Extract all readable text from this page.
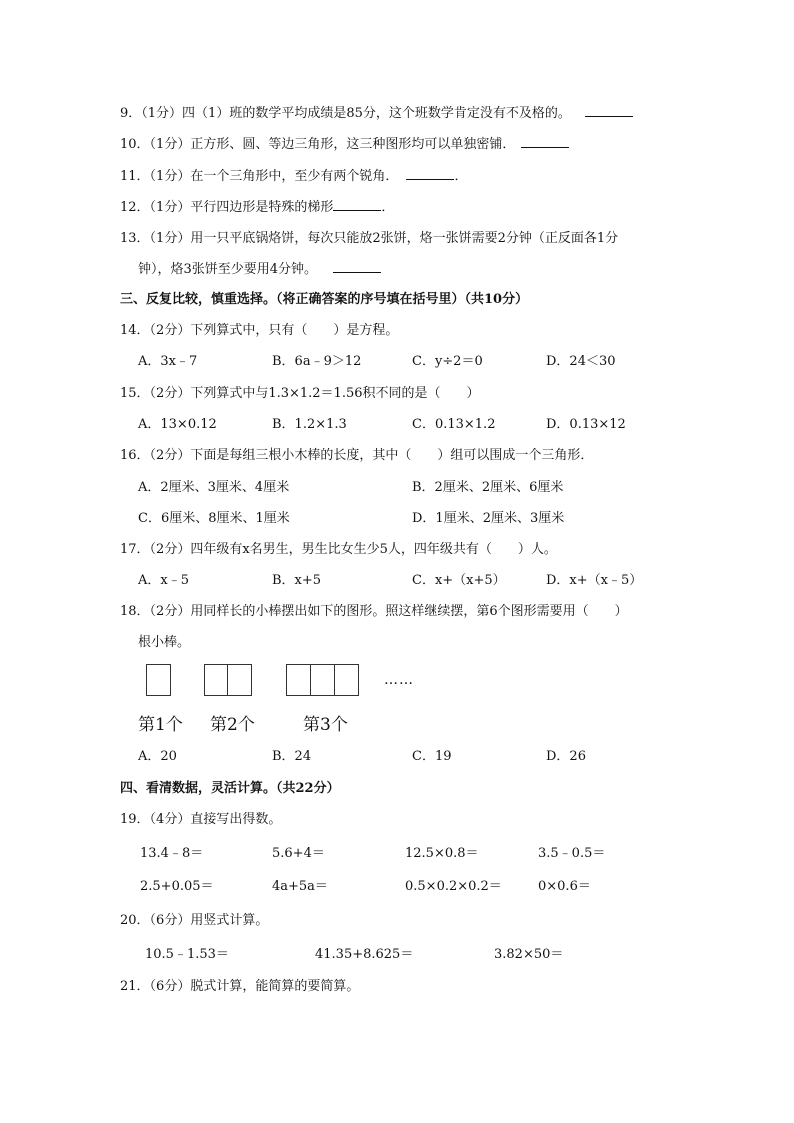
9．（1分）四（1）班的数学平均成绩是85分，这个班数学肯定没有不及格的。
10．（1分）正方形、圆、等边三角形，这三种图形均可以单独密铺．
11．（1分）在一个三角形中，至少有两个锐角．	．
12．（1分）平行四边形是特殊的梯形	．
13．（1分）用一只平底锅烙饼，每次只能放2张饼，烙一张饼需要2分钟（正反面各1分
钟），烙3张饼至少要用4分钟。
三、反复比较，慎重选择。（将正确答案的序号填在括号里）（共10分）
14．（2分）下列算式中，只有（　　）是方程。
A．3x﹣7	B．6a﹣9＞12	C．y÷2＝0	D．24＜30
15．（2分）下列算式中与1.3×1.2＝1.56积不同的是（　　）
A．13×0.12	B．1.2×1.3	C．0.13×1.2	D．0.13×12
16．（2分）下面是每组三根小木棒的长度，其中（　　）组可以围成一个三角形．
A．2厘米、3厘米、4厘米	B．2厘米、2厘米、6厘米
C．6厘米、8厘米、1厘米	D．1厘米、2厘米、3厘米
17．（2分）四年级有x名男生，男生比女生少5人，四年级共有（　　）人。
A．x﹣5	B．x+5	C．x+（x+5）	D．x+（x﹣5）
18．（2分）用同样长的小棒摆出如下的图形。照这样继续摆，第6个图形需要用（　　）
根小棒。
……
第1个 第2个	第3个
A．20	B．24	C．19	D．26
四、看清数据，灵活计算。（共22分）
19．（4分）直接写出得数。
13.4﹣8＝	5.6+4＝	12.5×0.8＝	3.5﹣0.5＝
2.5+0.05＝	4a+5a＝	0.5×0.2×0.2＝	0×0.6＝
20．（6分）用竖式计算。
10.5﹣1.53＝	41.35+8.625＝	3.82×50＝
21．（6分）脱式计算，能简算的要简算。
